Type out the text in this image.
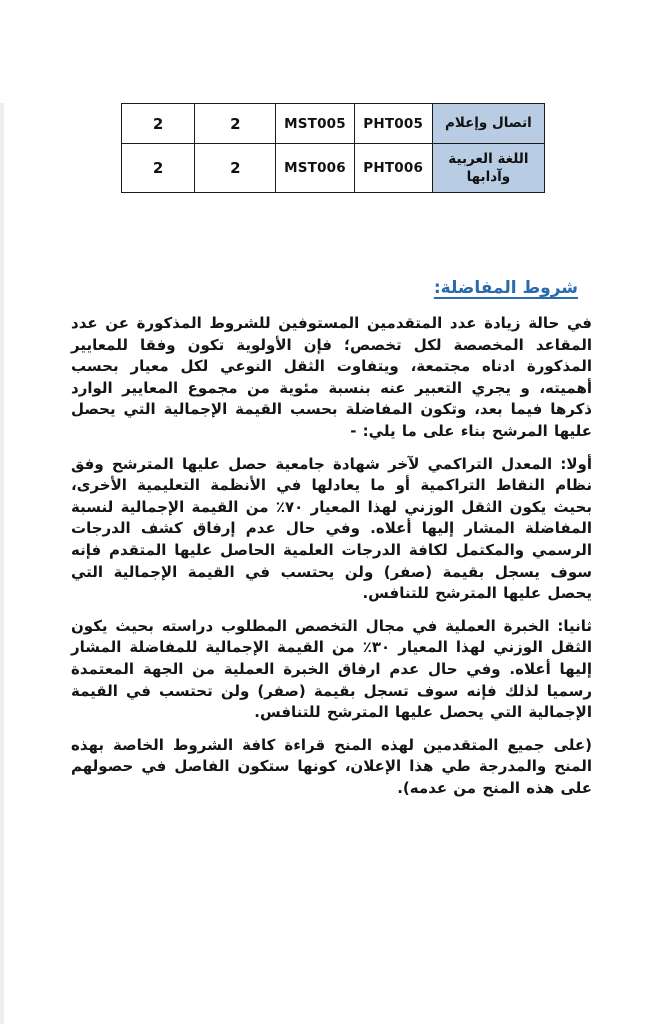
اتصال وإعلام	PHT005	MST005	2	2
اللغة العربية وآدابها	PHT006	MST006	2	2
شروط المفاضلة:

في حالة زيادة عدد المتقدمين المستوفين للشروط المذكورة عن عدد المقاعد المخصصة لكل تخصص؛ فإن الأولوية تكون وفقا للمعايير المذكورة ادناه مجتمعة، ويتفاوت الثقل النوعي لكل معيار بحسب أهميته، و يجري التعبير عنه بنسبة مئوية من مجموع المعايير الوارد ذكرها فيما بعد، وتكون المفاضلة بحسب القيمة الإجمالية التي يحصل عليها المرشح بناء على ما يلي: -

أولا: المعدل التراكمي لآخر شهادة جامعية حصل عليها المترشح وفق نظام النقاط التراكمية أو ما يعادلها في الأنظمة التعليمية الأخرى، بحيث يكون الثقل الوزني لهذا المعيار ٧٠٪ من القيمة الإجمالية لنسبة المفاضلة المشار إليها أعلاه. وفي حال عدم إرفاق كشف الدرجات الرسمي والمكتمل لكافة الدرجات العلمية الحاصل عليها المتقدم فإنه سوف يسجل بقيمة (صفر) ولن يحتسب في القيمة الإجمالية التي يحصل عليها المترشح للتنافس.

ثانيا: الخبرة العملية في مجال التخصص المطلوب دراسته بحيث يكون الثقل الوزني لهذا المعيار ٣٠٪ من القيمة الإجمالية للمفاضلة المشار إليها أعلاه. وفي حال عدم ارفاق الخبرة العملية من الجهة المعتمدة رسميا لذلك فإنه سوف تسجل بقيمة (صفر) ولن تحتسب في القيمة الإجمالية التي يحصل عليها المترشح للتنافس.

(على جميع المتقدمين لهذه المنح قراءة كافة الشروط الخاصة بهذه المنح والمدرجة طي هذا الإعلان، كونها ستكون الفاصل في حصولهم على هذه المنح من عدمه).
